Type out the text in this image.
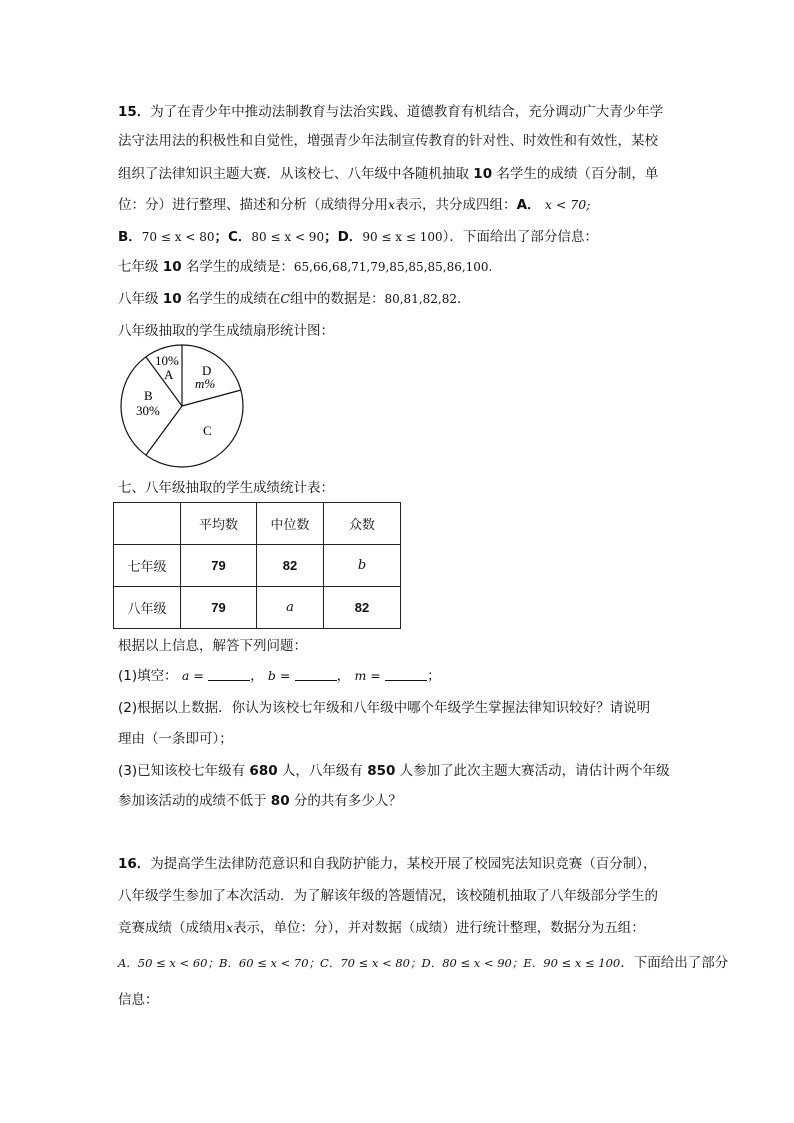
15．为了在青少年中推动法制教育与法治实践、道德教育有机结合，充分调动广大青少年学
法守法用法的积极性和自觉性，增强青少年法制宣传教育的针对性、时效性和有效性，某校
组织了法律知识主题大赛．从该校七、八年级中各随机抽取 10 名学生的成绩（百分制，单
位：分）进行整理、描述和分析（成绩得分用x表示，共分成四组：A． x < 70;
B．70 ≤ x < 80；C．80 ≤ x < 90；D．90 ≤ x ≤ 100）．下面给出了部分信息：
七年级 10 名学生的成绩是：65,66,68,71,79,85,85,85,86,100.
八年级 10 名学生的成绩在C组中的数据是：80,81,82,82．
八年级抽取的学生成绩扇形统计图：
10%
A D
m%
B
30%
C
七、八年级抽取的学生成绩统计表：
	平均数	中位数	众数
七年级	79	82	b
八年级	79	a	82
根据以上信息，解答下列问题：
(1)填空： a =	， b =	， m =	；
(2)根据以上数据．你认为该校七年级和八年级中哪个年级学生掌握法律知识较好？请说明
理由（一条即可）；
(3)已知该校七年级有 680 人，八年级有 850 人参加了此次主题大赛活动，请估计两个年级
参加该活动的成绩不低于 80 分的共有多少人？
16．为提高学生法律防范意识和自我防护能力，某校开展了校园宪法知识竞赛（百分制），
八年级学生参加了本次活动．为了解该年级的答题情况，该校随机抽取了八年级部分学生的
竞赛成绩（成绩用x表示，单位：分），并对数据（成绩）进行统计整理，数据分为五组：
A．50 ≤ x < 60；B．60 ≤ x < 70；C．70 ≤ x < 80；D．80 ≤ x < 90；E．90 ≤ x ≤ 100．下面给出了部分
信息：
